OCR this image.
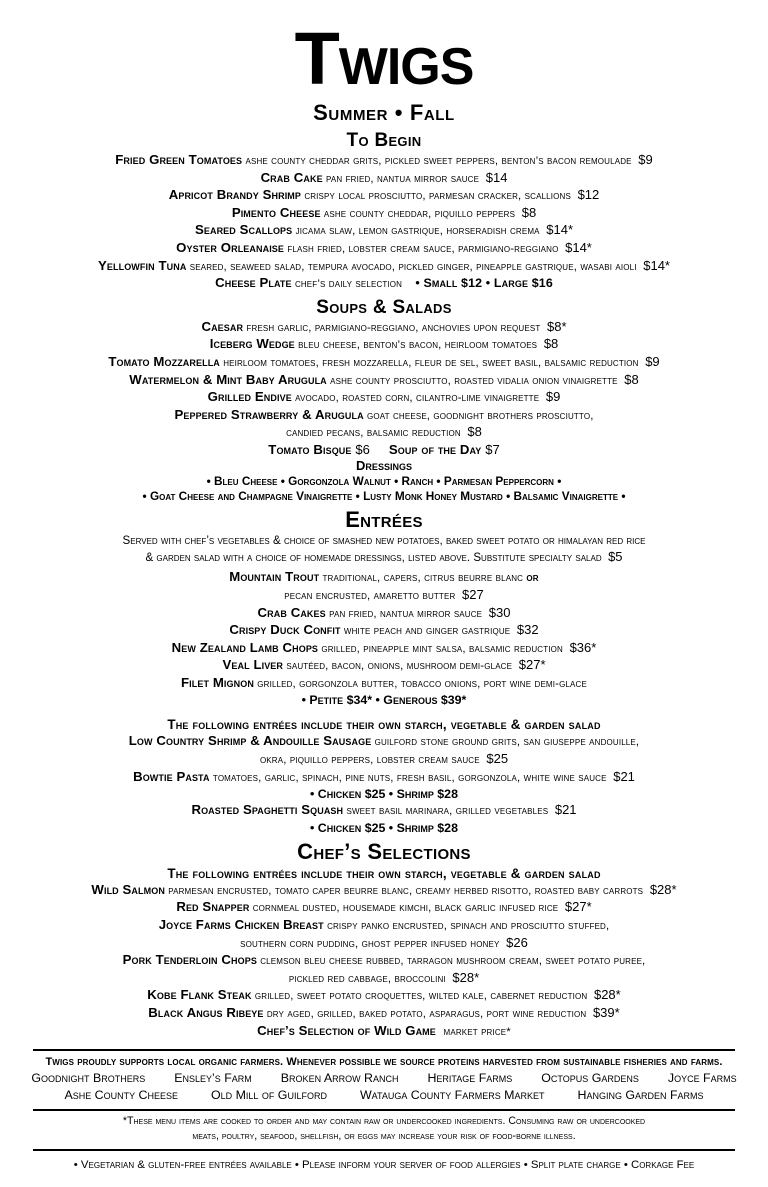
Twigs
Summer • Fall
To Begin
Fried Green Tomatoes ashe county cheddar grits, pickled sweet peppers, benton’s bacon remoulade $9
Crab Cake pan fried, nantua mirror sauce $14
Apricot Brandy Shrimp crispy local prosciutto, parmesan cracker, scallions $12
Pimento Cheese ashe county cheddar, piquillo peppers $8
Seared Scallops jicama slaw, lemon gastrique, horseradish crema $14*
Oyster Orleanaise flash fried, lobster cream sauce, parmigiano-reggiano $14*
Yellowfin Tuna seared, seaweed salad, tempura avocado, pickled ginger, pineapple gastrique, wasabi aioli $14*
Cheese Plate chef’s daily selection • Small $12 • Large $16
Soups & Salads
Caesar fresh garlic, parmigiano-reggiano, anchovies upon request $8*
Iceberg Wedge bleu cheese, benton’s bacon, heirloom tomatoes $8
Tomato Mozzarella heirloom tomatoes, fresh mozzarella, fleur de sel, sweet basil, balsamic reduction $9
Watermelon & Mint Baby Arugula ashe county prosciutto, roasted vidalia onion vinaigrette $8
Grilled Endive avocado, roasted corn, cilantro-lime vinaigrette $9
Peppered Strawberry & Arugula goat cheese, goodnight brothers prosciutto,
candied pecans, balsamic reduction $8
Tomato Bisque $6 Soup of the Day $7
Dressings
• Bleu Cheese • Gorgonzola Walnut • Ranch • Parmesan Peppercorn •
• Goat Cheese and Champagne Vinaigrette • Lusty Monk Honey Mustard • Balsamic Vinaigrette •
Entrées
Served with chef’s vegetables & choice of smashed new potatoes, baked sweet potato or himalayan red rice
& garden salad with a choice of homemade dressings, listed above. Substitute specialty salad $5
Mountain Trout traditional, capers, citrus beurre blanc or
pecan encrusted, amaretto butter $27
Crab Cakes pan fried, nantua mirror sauce $30
Crispy Duck Confit white peach and ginger gastrique $32
New Zealand Lamb Chops grilled, pineapple mint salsa, balsamic reduction $36*
Veal Liver sautéed, bacon, onions, mushroom demi-glace $27*
Filet Mignon grilled, gorgonzola butter, tobacco onions, port wine demi-glace
• Petite $34* • Generous $39*
The following entrées include their own starch, vegetable & garden salad
Low Country Shrimp & Andouille Sausage guilford stone ground grits, san giuseppe andouille,
okra, piquillo peppers, lobster cream sauce $25
Bowtie Pasta tomatoes, garlic, spinach, pine nuts, fresh basil, gorgonzola, white wine sauce $21
• Chicken $25 • Shrimp $28
Roasted Spaghetti Squash sweet basil marinara, grilled vegetables $21
• Chicken $25 • Shrimp $28
Chef’s Selections
The following entrées include their own starch, vegetable & garden salad
Wild Salmon parmesan encrusted, tomato caper beurre blanc, creamy herbed risotto, roasted baby carrots $28*
Red Snapper cornmeal dusted, housemade kimchi, black garlic infused rice $27*
Joyce Farms Chicken Breast crispy panko encrusted, spinach and prosciutto stuffed,
southern corn pudding, ghost pepper infused honey $26
Pork Tenderloin Chops clemson bleu cheese rubbed, tarragon mushroom cream, sweet potato puree,
pickled red cabbage, broccolini $28*
Kobe Flank Steak grilled, sweet potato croquettes, wilted kale, cabernet reduction $28*
Black Angus Ribeye dry aged, grilled, baked potato, asparagus, port wine reduction $39*
Chef’s Selection of Wild Game market price*
Twigs proudly supports local organic farmers. Whenever possible we source proteins harvested from sustainable fisheries and farms.
Goodnight Brothers Ensley’s Farm Broken Arrow Ranch Heritage Farms Octopus Gardens Joyce Farms
Ashe County Cheese	Old Mill of Guilford	Watauga County Farmers Market	Hanging Garden Farms
*These menu items are cooked to order and may contain raw or undercooked ingredients. Consuming raw or undercooked
meats, poultry, seafood, shellfish, or eggs may increase your risk of food-borne illness.
• Vegetarian & gluten-free entrées available • Please inform your server of food allergies • Split plate charge • Corkage Fee
